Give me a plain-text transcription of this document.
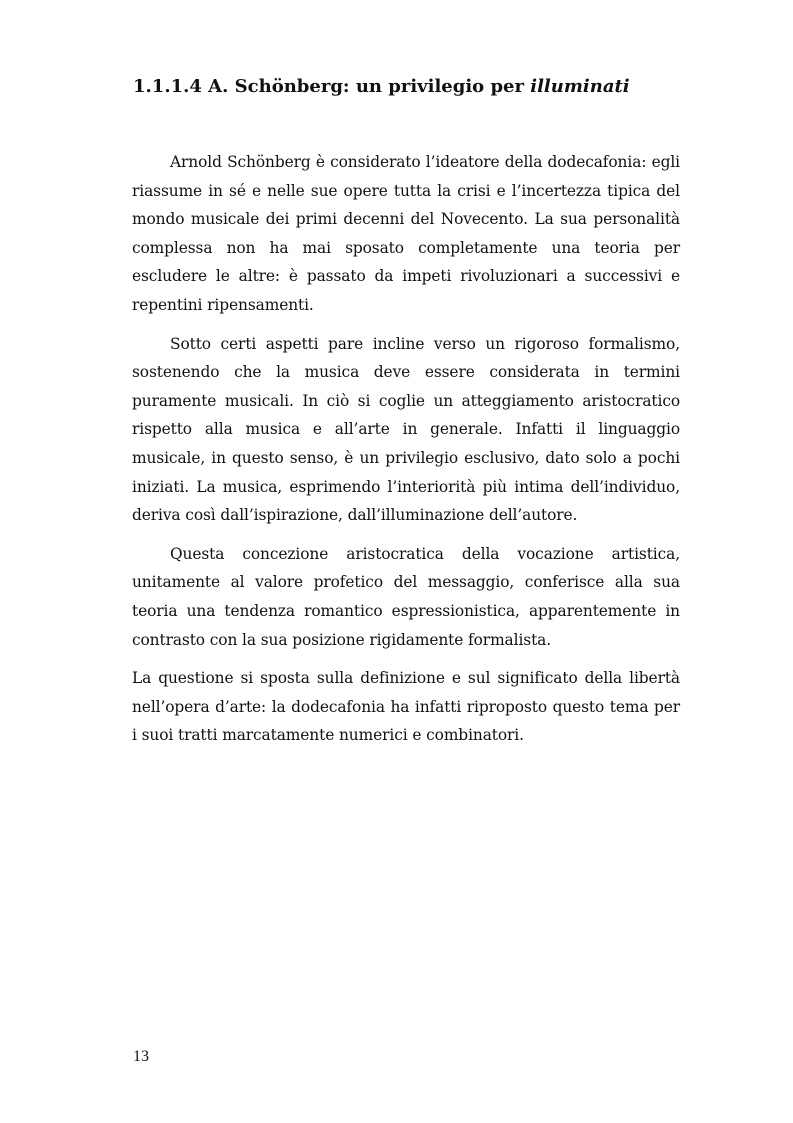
1.1.1.4 A. Schönberg: un privilegio per illuminati

Arnold Schönberg è considerato l’ideatore della dodecafonia: egli riassume in sé e nelle sue opere tutta la crisi e l’incertezza tipica del mondo musicale dei primi decenni del Novecento. La sua personalità complessa non ha mai sposato completamente una teoria per escludere le altre: è passato da impeti rivoluzionari a successivi e repentini ripensamenti.

Sotto certi aspetti pare incline verso un rigoroso formalismo, sostenendo che la musica deve essere considerata in termini puramente musicali. In ciò si coglie un atteggiamento aristocratico rispetto alla musica e all’arte in generale. Infatti il linguaggio musicale, in questo senso, è un privilegio esclusivo, dato solo a pochi iniziati. La musica, esprimendo l’interiorità più intima dell’individuo, deriva così dall’ispirazione, dall’illuminazione dell’autore.

Questa concezione aristocratica della vocazione artistica, unitamente al valore profetico del messaggio, conferisce alla sua teoria una tendenza romantico espressionistica, apparentemente in contrasto con la sua posizione rigidamente formalista.

La questione si sposta sulla definizione e sul significato della libertà nell’opera d’arte: la dodecafonia ha infatti riproposto questo tema per i suoi tratti marcatamente numerici e combinatori.

13
